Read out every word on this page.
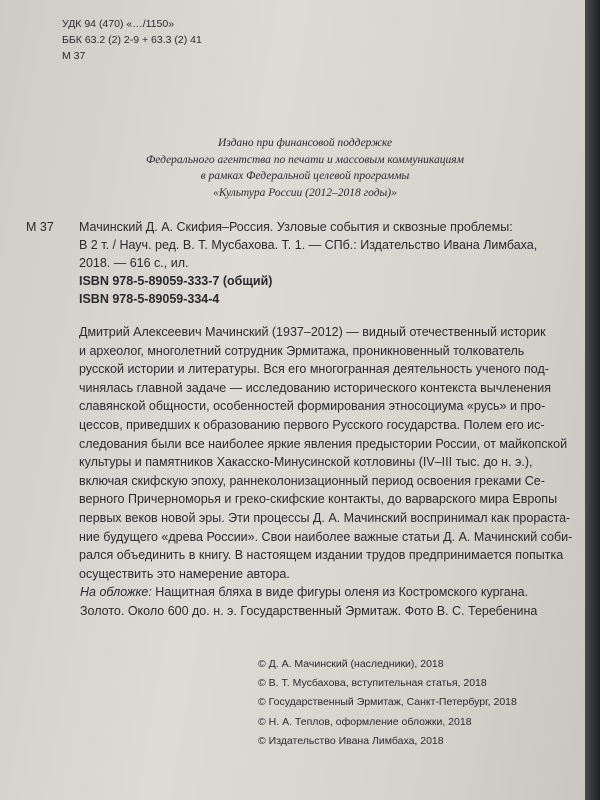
УДК 94 (470) «…/1150»
ББК 63.2 (2) 2-9 + 63.3 (2) 41
М 37
Издано при финансовой поддержке
Федерального агентства по печати и массовым коммуникациям
в рамках Федеральной целевой программы
«Культура России (2012–2018 годы)»
М 37 Мачинский Д. А. Скифия–Россия. Узловые события и сквозные проблемы:
В 2 т. / Науч. ред. В. Т. Мусбахова. Т. 1. — СПб.: Издательство Ивана Лимбаха,
2018. — 616 с., ил.
ISBN 978-5-89059-333-7 (общий)
ISBN 978-5-89059-334-4
Дмитрий Алексеевич Мачинский (1937–2012) — видный отечественный историк
и археолог, многолетний сотрудник Эрмитажа, проникновенный толкователь
русской истории и литературы. Вся его многогранная деятельность ученого под-
чинялась главной задаче — исследованию исторического контекста вычленения
славянской общности, особенностей формирования этносоциума «русь» и про-
цессов, приведших к образованию первого Русского государства. Полем его ис-
следования были все наиболее яркие явления предыстории России, от майкопской
культуры и памятников Хакасско-Минусинской котловины (IV–III тыс. до н. э.),
включая скифскую эпоху, раннеколонизационный период освоения греками Се-
верного Причерноморья и греко-скифские контакты, до варварского мира Европы
первых веков новой эры. Эти процессы Д. А. Мачинский воспринимал как прораста-
ние будущего «древа России». Свои наиболее важные статьи Д. А. Мачинский соби-
рался объединить в книгу. В настоящем издании трудов предпринимается попытка
осуществить это намерение автора.
На обложке: Нащитная бляха в виде фигуры оленя из Костромского кургана.
Золото. Около 600 до. н. э. Государственный Эрмитаж. Фото В. С. Теребенина
© Д. А. Мачинский (наследники), 2018
© В. Т. Мусбахова, вступительная статья, 2018
© Государственный Эрмитаж, Санкт-Петербург, 2018
© Н. А. Теплов, оформление обложки, 2018
© Издательство Ивана Лимбаха, 2018
